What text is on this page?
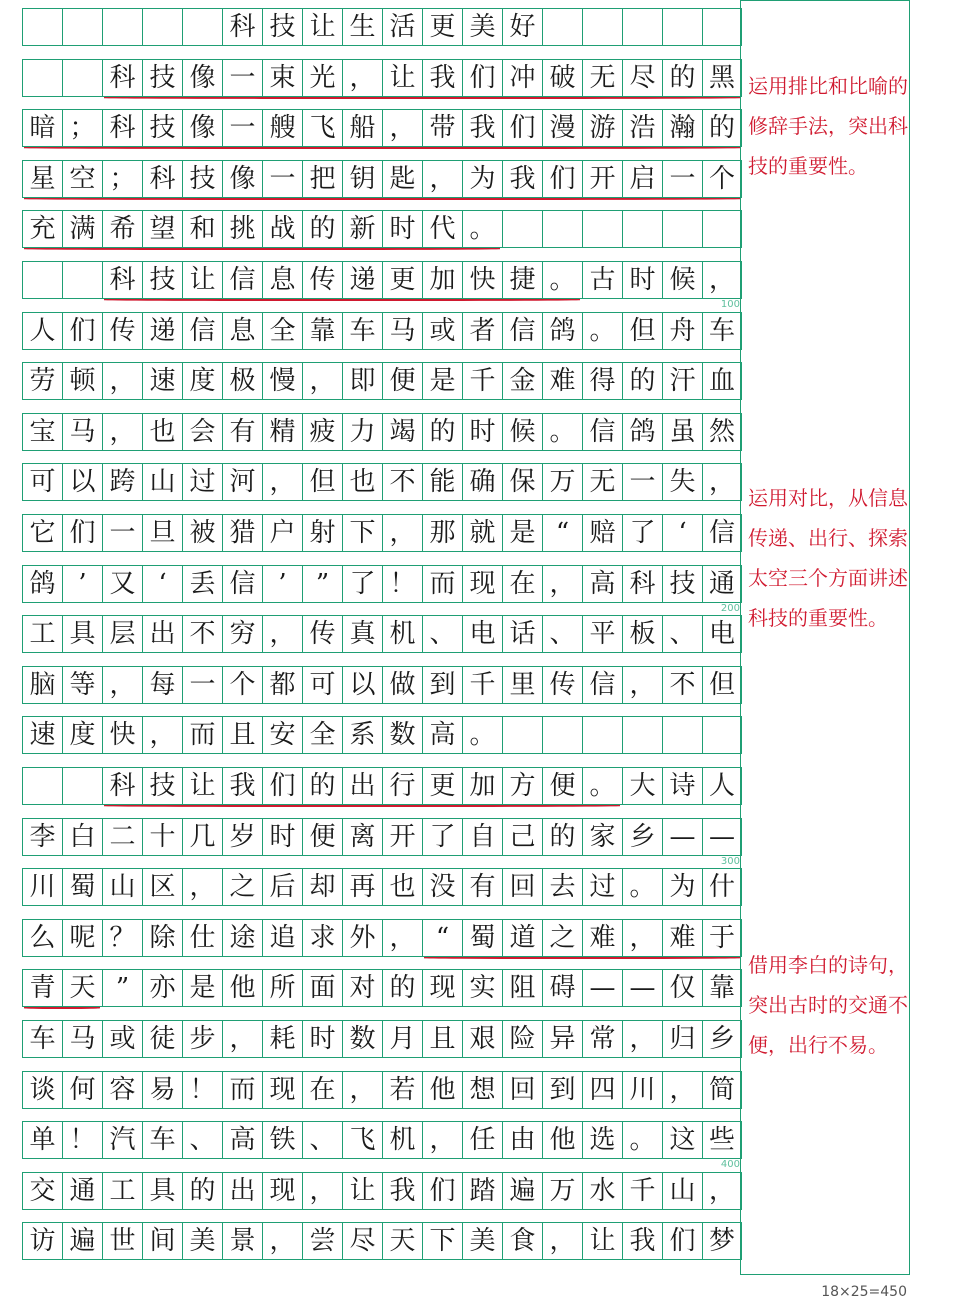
科 技 让 生 活 更 美 好
科 技 像 一 束 光 ， 让 我 们 冲 破 无 尽 的 黑
暗 ； 科 技 像 一 艘 飞 船 ， 带 我 们 漫 游 浩 瀚 的
星 空 ； 科 技 像 一 把 钥 匙 ， 为 我 们 开 启 一 个
充 满 希 望 和 挑 战 的 新 时 代 。
科 技 让 信 息 传 递 更 加 快 捷 。 古 时 候 ，
人 们 传 递 信 息 全 靠 车 马 或 者 信 鸽 。 但 舟 车
劳 顿 ， 速 度 极 慢 ， 即 便 是 千 金 难 得 的 汗 血
宝 马 ， 也 会 有 精 疲 力 竭 的 时 候 。 信 鸽 虽 然
可 以 跨 山 过 河 ， 但 也 不 能 确 保 万 无 一 失 ，
它 们 一 旦 被 猎 户 射 下 ， 那 就 是 “ 赔 了 ‘ 信
鸽 ’ 又 ‘ 丢 信 ’	” 了 ！ 而 现 在 ， 高 科 技 通
工 具 层 出 不 穷 ， 传 真 机 、 电 话 、 平 板 、 电
脑 等 ， 每 一 个 都 可 以 做 到 千 里 传 信 ， 不 但
速 度 快 ， 而 且 安 全 系 数 高 。
科 技 让 我 们 的 出 行 更 加 方 便 。 大 诗 人
李 白 二 十 几 岁 时 便 离 开 了 自 己 的 家 乡 — —
川 蜀 山 区 ， 之 后 却 再 也 没 有 回 去 过 。 为 什
么 呢 ？ 除 仕 途 追 求 外 ， “ 蜀 道 之 难 ， 难 于
青 天 ” 亦 是 他 所 面 对 的 现 实 阻 碍 — — 仅 靠
车 马 或 徒 步 ， 耗 时 数 月 且 艰 险 异 常 ， 归 乡
谈 何 容 易 ！ 而 现 在 ， 若 他 想 回 到 四 川 ， 简
单 ！ 汽 车 、 高 铁 、 飞 机 ， 任 由 他 选 。 这 些
交 通 工 具 的 出 现 ， 让 我 们 踏 遍 万 水 千 山 ，
访 遍 世 间 美 景 ， 尝 尽 天 下 美 食 ， 让 我 们 梦
100
200
300
400
运用排比和比喻的修辞手法，突出科技的重要性。
运用对比，从信息传递、出行、探索太空三个方面讲述科技的重要性。
借用李白的诗句，突出古时的交通不便，出行不易。
18×25=450
